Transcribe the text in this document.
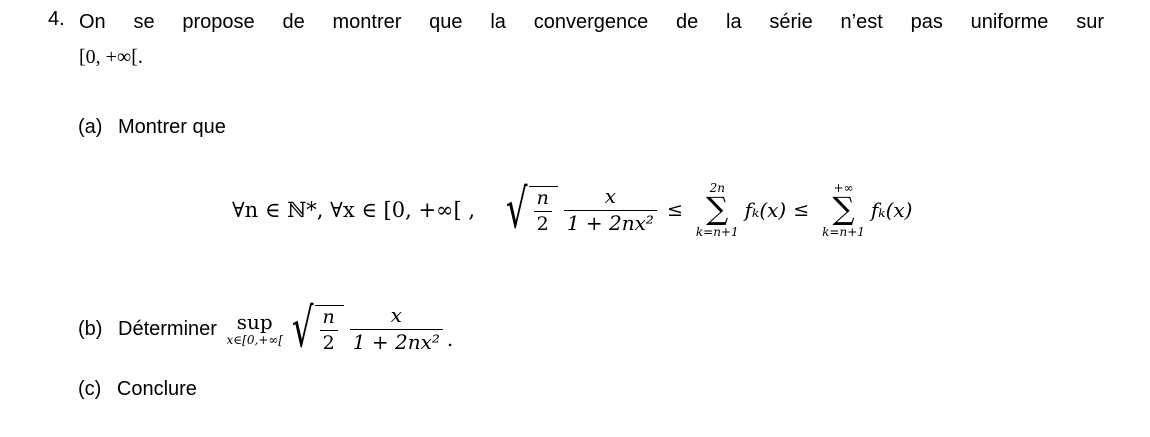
4. On se propose de montrer que la convergence de la série n’est pas uniforme sur
[0, +∞[.
(a) Montrer que
∀n ∈ ℕ*, ∀x ∈ [0, +∞[ , √ $\frac{n}{2} \frac{x}{\text{1 + 2nx²}}$ ≤
2n
∑
k=n+1
fₖ(x) ≤
+∞
∑
k=n+1
fₖ(x)
(b) Déterminer sup
x∈[0,+∞[ √ $\frac{n}{2} \frac{x}{\text{1 + 2nx²}}$ .
(c) Conclure
